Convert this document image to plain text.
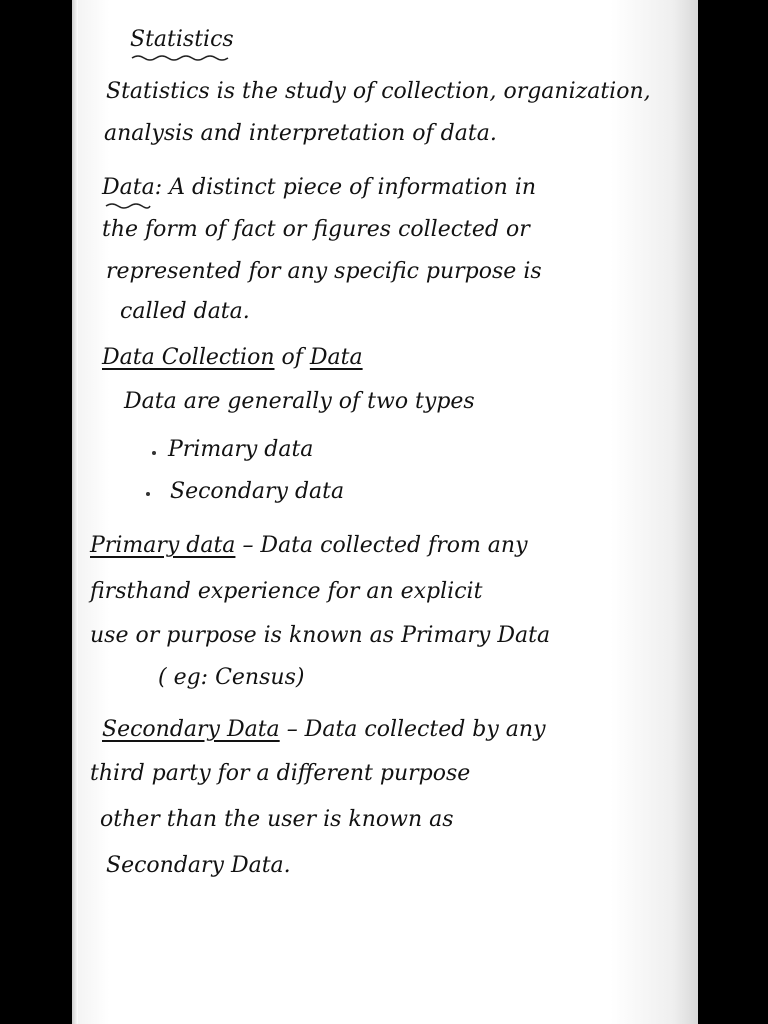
Statistics

Statistics is the study of collection, organization,

analysis and interpretation of data.

Data: A distinct piece of information in

the form of fact or figures collected or

represented for any specific purpose is

called data.

Data Collection of Data

Data are generally of two types

Primary data

Secondary data

Primary data – Data collected from any

firsthand experience for an explicit

use or purpose is known as Primary Data

( eg: Census)

Secondary Data – Data collected by any

third party for a different purpose

other than the user is known as

Secondary Data.
